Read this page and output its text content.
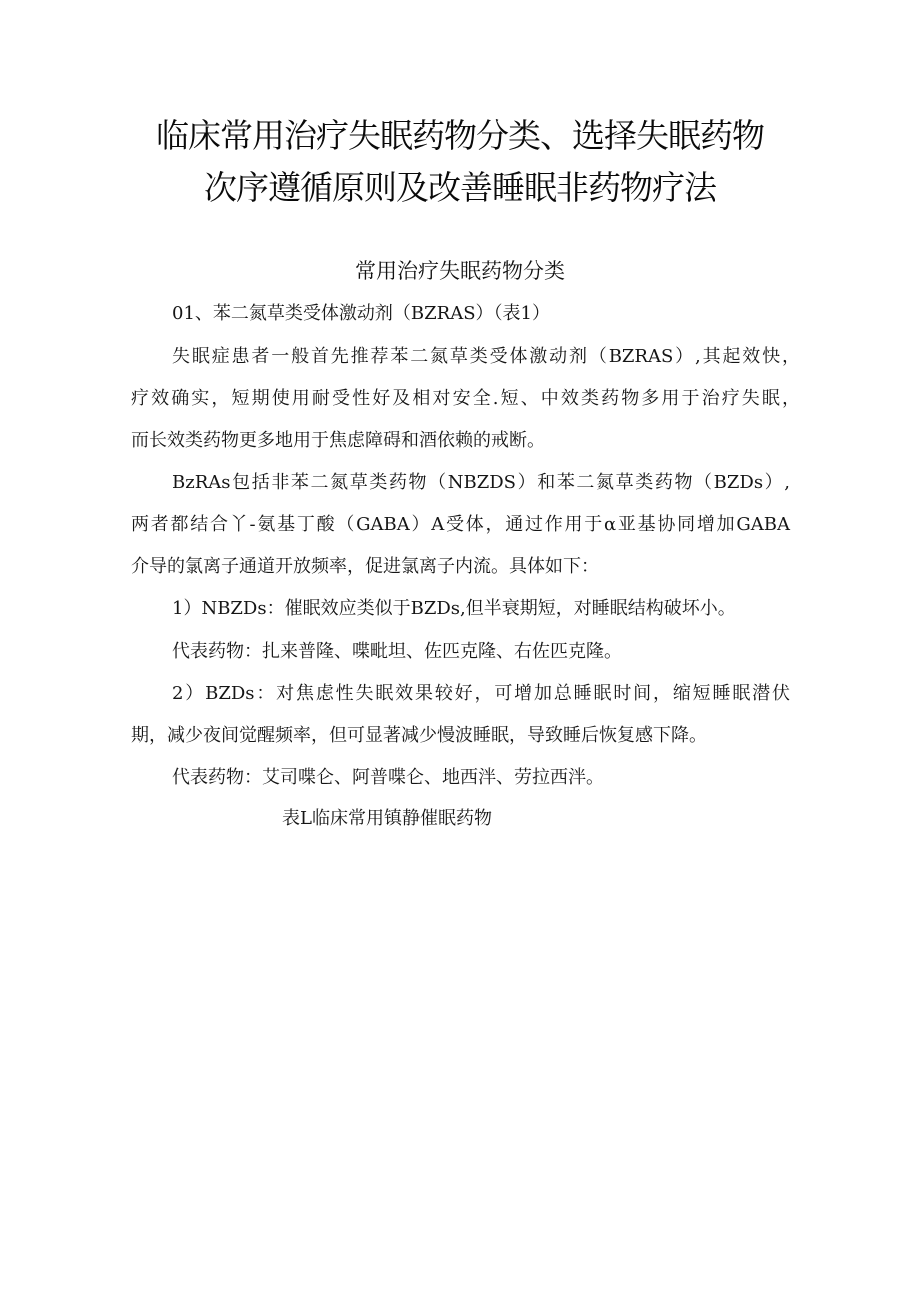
临床常用治疗失眠药物分类、选择失眠药物
次序遵循原则及改善睡眠非药物疗法
常用治疗失眠药物分类
01、苯二氮草类受体激动剂（BZRAS）（表1）
失眠症患者一般首先推荐苯二氮草类受体激动剂（BZRAS）,其起效快，
疗效确实，短期使用耐受性好及相对安全.短、中效类药物多用于治疗失眠，
而长效类药物更多地用于焦虑障碍和酒依赖的戒断。
BzRAs包括非苯二氮草类药物（NBZDS）和苯二氮草类药物（BZDs）,
两者都结合丫-氨基丁酸（GABA）A受体，通过作用于α亚基协同增加GABA
介导的氯离子通道开放频率，促进氯离子内流。具体如下：
1）NBZDs：催眠效应类似于BZDs,但半衰期短，对睡眠结构破坏小。
代表药物：扎来普隆、喋毗坦、佐匹克隆、右佐匹克隆。
2）BZDs：对焦虑性失眠效果较好，可增加总睡眠时间，缩短睡眠潜伏
期，减少夜间觉醒频率，但可显著减少慢波睡眠，导致睡后恢复感下降。
代表药物：艾司喋仑、阿普喋仑、地西泮、劳拉西泮。
表L临床常用镇静催眠药物
